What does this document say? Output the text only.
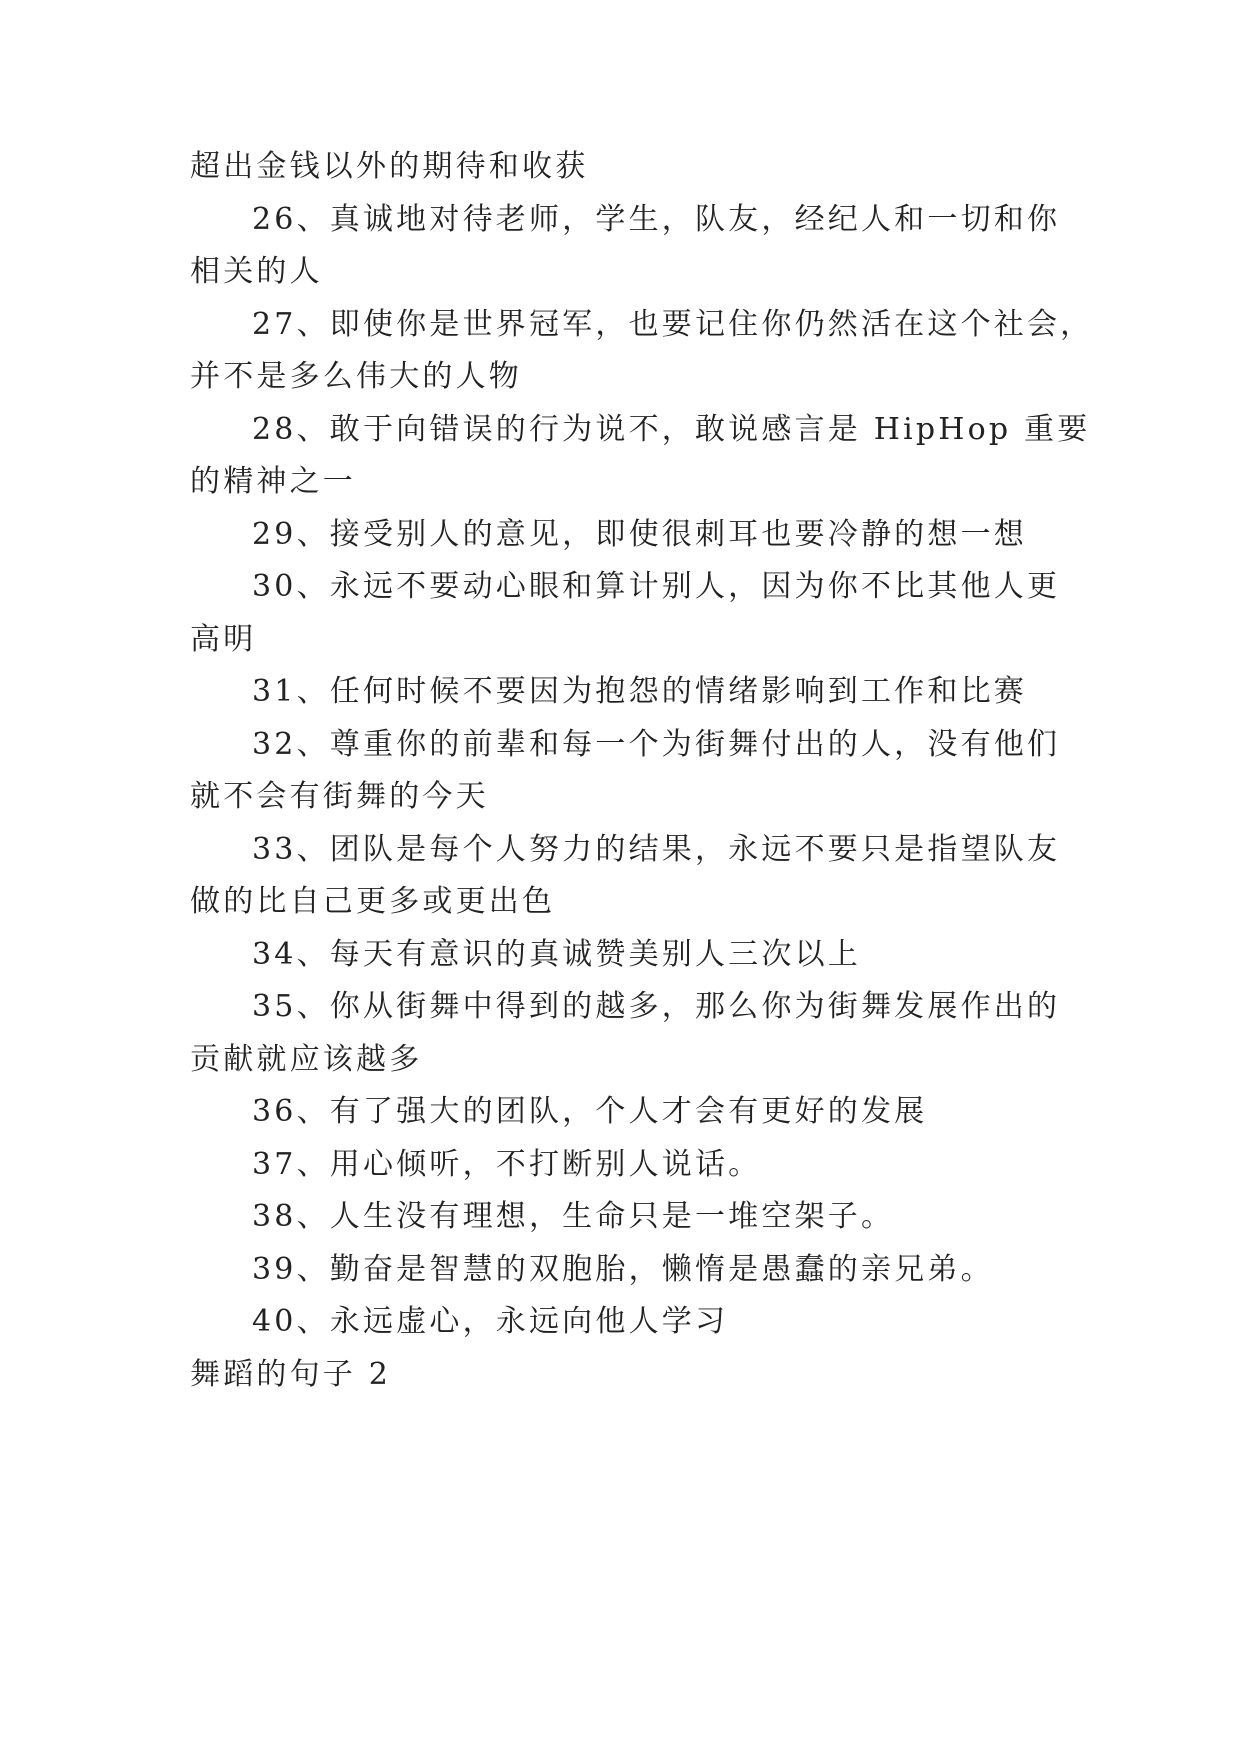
超出金钱以外的期待和收获
26、真诚地对待老师，学生，队友，经纪人和一切和你
相关的人
27、即使你是世界冠军，也要记住你仍然活在这个社会，
并不是多么伟大的人物
28、敢于向错误的行为说不，敢说感言是 HipHop 重要
的精神之一
29、接受别人的意见，即使很刺耳也要冷静的想一想
30、永远不要动心眼和算计别人，因为你不比其他人更
高明
31、任何时候不要因为抱怨的情绪影响到工作和比赛
32、尊重你的前辈和每一个为街舞付出的人，没有他们
就不会有街舞的今天
33、团队是每个人努力的结果，永远不要只是指望队友
做的比自己更多或更出色
34、每天有意识的真诚赞美别人三次以上
35、你从街舞中得到的越多，那么你为街舞发展作出的
贡献就应该越多
36、有了强大的团队，个人才会有更好的发展
37、用心倾听，不打断别人说话。
38、人生没有理想，生命只是一堆空架子。
39、勤奋是智慧的双胞胎，懒惰是愚蠢的亲兄弟。
40、永远虚心，永远向他人学习
舞蹈的句子 2
